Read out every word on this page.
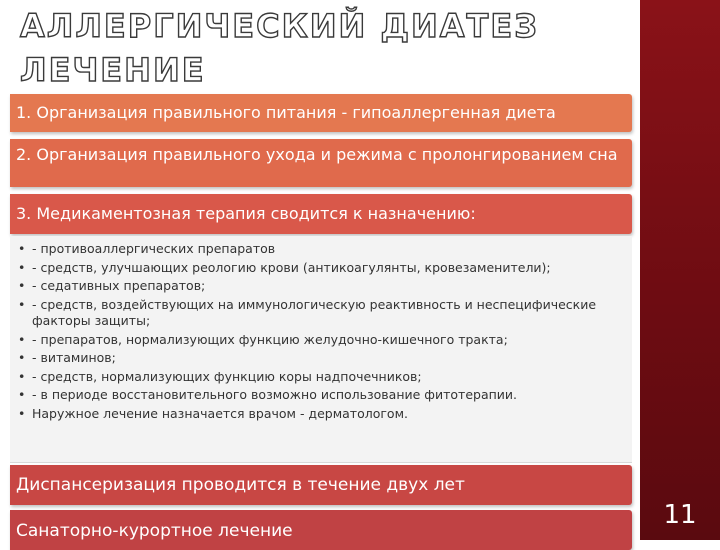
АЛЛЕРГИЧЕСКИЙ ДИАТЕЗ ЛЕЧЕНИЕ
1. Организация правильного питания - гипоаллергенная диета
2. Организация правильного ухода и режима с пролонгированием сна
3. Медикаментозная терапия сводится к назначению:
• - противоаллергических препаратов
• - средств, улучшающих реологию крови (антикоагулянты, кровезаменители);
• - седативных препаратов;
• - средств, воздействующих на иммунологическую реактивность и неспецифические факторы защиты;
• - препаратов, нормализующих функцию желудочно-кишечного тракта;
• - витаминов;
• - средств, нормализующих функцию коры надпочечников;
• - в периоде восстановительного возможно использование фитотерапии.
• Наружное лечение назначается врачом - дерматологом.
Диспансеризация проводится в течение двух лет
Санаторно-курортное лечение
11
